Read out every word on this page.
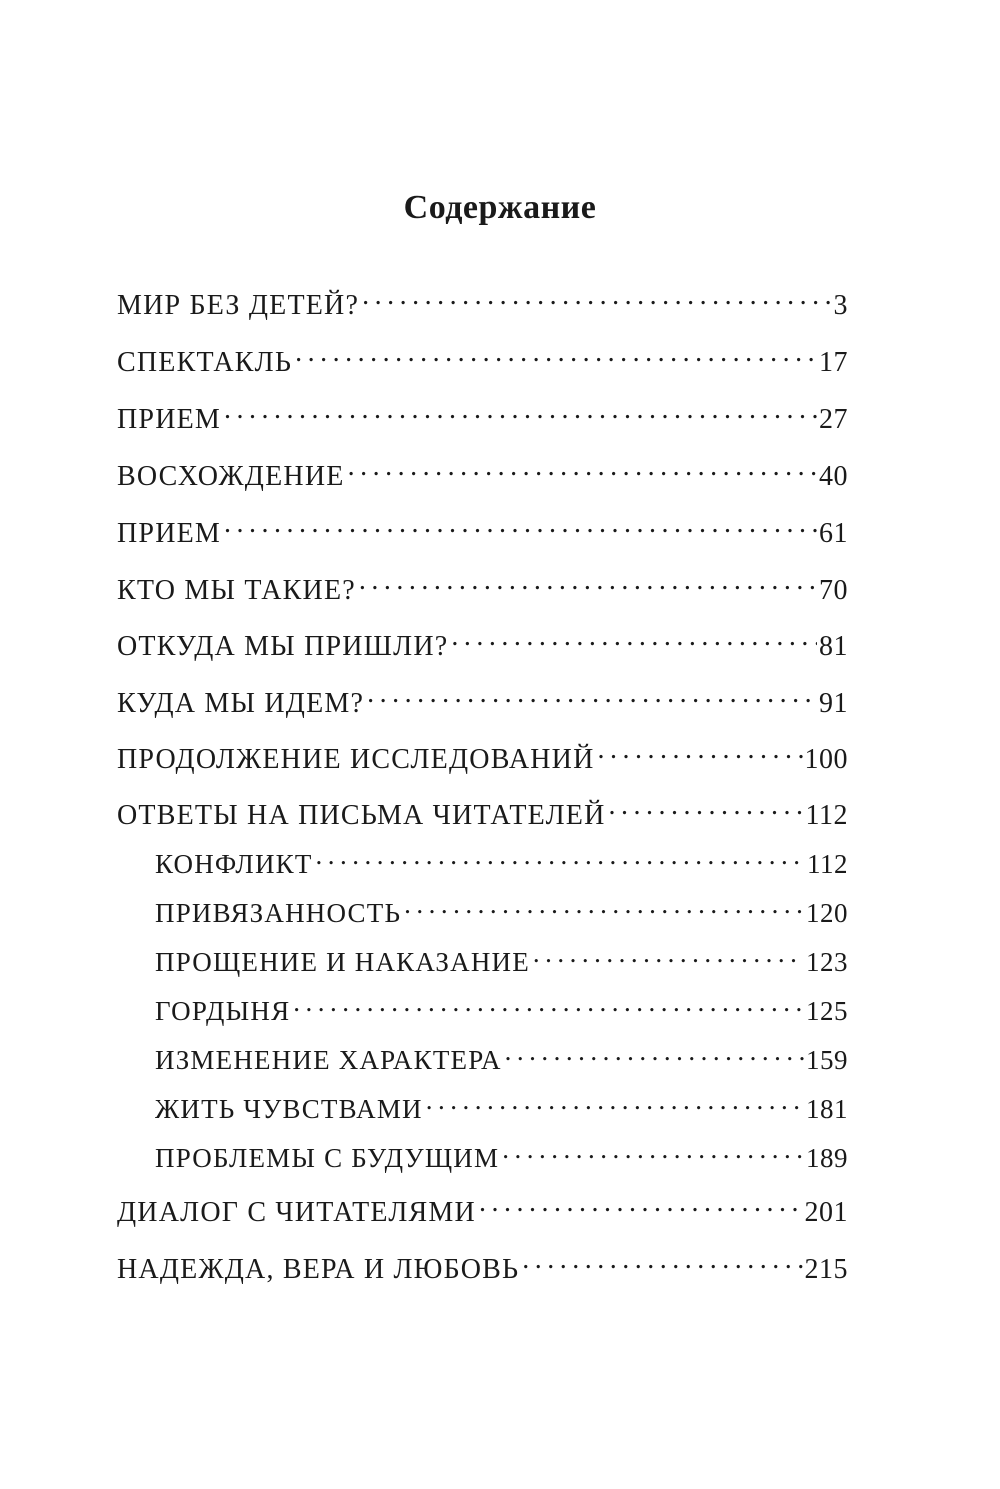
Содержание
МИР БЕЗ ДЕТЕЙ? .....	3
СПЕКТАКЛЬ .....	17
ПРИЕМ .....	27
ВОСХОЖДЕНИЕ .....	40
ПРИЕМ .....	61
КТО МЫ ТАКИЕ? .....	70
ОТКУДА МЫ ПРИШЛИ? .....	81
КУДА МЫ ИДЕМ? .....	91
ПРОДОЛЖЕНИЕ ИССЛЕДОВАНИЙ .....	100
ОТВЕТЫ НА ПИСЬМА ЧИТАТЕЛЕЙ .....	112
КОНФЛИКТ .....	112
ПРИВЯЗАННОСТЬ .....	120
ПРОЩЕНИЕ И НАКАЗАНИЕ .....	123
ГОРДЫНЯ .....	125
ИЗМЕНЕНИЕ ХАРАКТЕРА .....	159
ЖИТЬ ЧУВСТВАМИ .....	181
ПРОБЛЕМЫ С БУДУЩИМ .....	189
ДИАЛОГ С ЧИТАТЕЛЯМИ .....	201
НАДЕЖДА, ВЕРА И ЛЮБОВЬ .....	215
